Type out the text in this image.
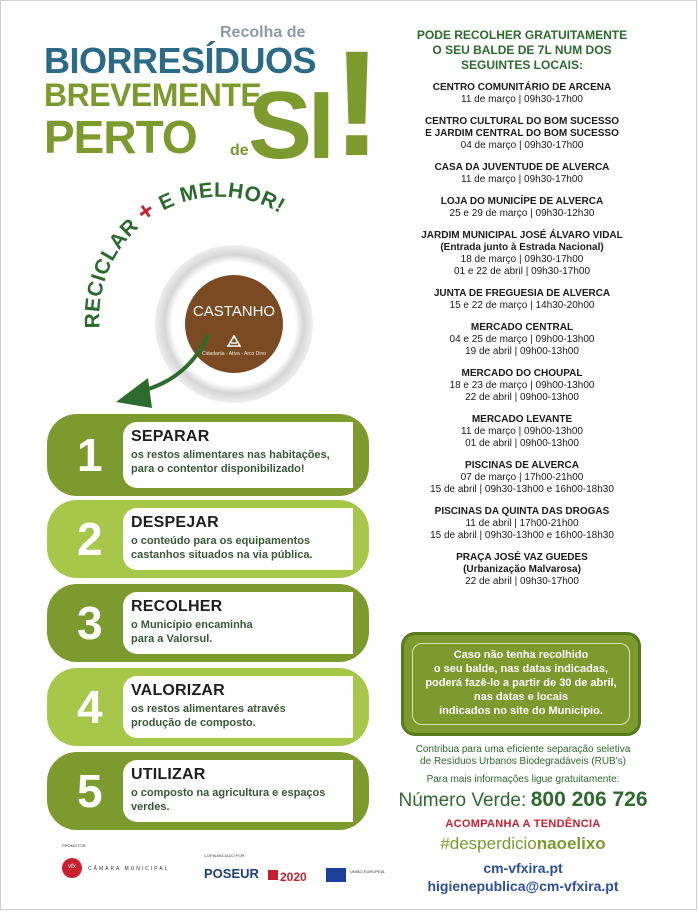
Recolha de
BIORRESÍDUOS
BREVEMENTE
PERTO de SI !
RECICLAR + E MELHOR!
CASTANHO
Cidadania - Ativa - Arco Dino
1 SEPARAR
os restos alimentares nas habitações,
para o contentor disponibilizado!
2 DESPEJAR
o conteúdo para os equipamentos
castanhos situados na via pública.
3 RECOLHER
o Município encaminha
para a Valorsul.
4 VALORIZAR
os restos alimentares através
produção de composto.
5 UTILIZAR
o composto na agricultura e espaços
verdes.
PODE RECOLHER GRATUITAMENTE
O SEU BALDE DE 7L NUM DOS
SEGUINTES LOCAIS:
CENTRO COMUNITÁRIO DE ARCENA
11 de março | 09h30-17h00
CENTRO CULTURAL DO BOM SUCESSO
E JARDIM CENTRAL DO BOM SUCESSO
04 de março | 09h30-17h00
CASA DA JUVENTUDE DE ALVERCA
11 de março | 09h30-17h00
LOJA DO MUNICÍPE DE ALVERCA
25 e 29 de março | 09h30-12h30
JARDIM MUNICIPAL JOSÉ ÁLVARO VIDAL
(Entrada junto à Estrada Nacional)
18 de março | 09h30-17h00
01 e 22 de abril | 09h30-17h00
JUNTA DE FREGUESIA DE ALVERCA
15 e 22 de março | 14h30-20h00
MERCADO CENTRAL
04 e 25 de março | 09h00-13h00
19 de abril | 09h00-13h00
MERCADO DO CHOUPAL
18 e 23 de março | 09h00-13h00
22 de abril | 09h00-13h00
MERCADO LEVANTE
11 de março | 09h00-13h00
01 de abril | 09h00-13h00
PISCINAS DE ALVERCA
07 de março | 17h00-21h00
15 de abril | 09h30-13h00 e 16h00-18h30
PISCINAS DA QUINTA DAS DROGAS
11 de abril | 17h00-21h00
15 de abril | 09h30-13h00 e 16h00-18h30
PRAÇA JOSÉ VAZ GUEDES
(Urbanização Malvarosa)
22 de abril | 09h30-17h00
Caso não tenha recolhido
o seu balde, nas datas indicadas,
poderá fazê-lo a partir de 30 de abril,
nas datas e locais
indicados no site do Município.
Contribua para uma eficiente separação seletiva
de Resíduos Urbanos Biodegradáveis (RUB's)
Para mais informações ligue gratuitamente:
Número Verde: 800 206 726
ACOMPANHA A TENDÊNCIA
#desperdicionaoelixo
cm-vfxira.pt
higienepublica@cm-vfxira.pt
PROMOTOR:
vfx	CÂMARA MUNICIPAL
COFINANCIADO POR:
POSEUR 2020	UNIÃO EUROPEIA
